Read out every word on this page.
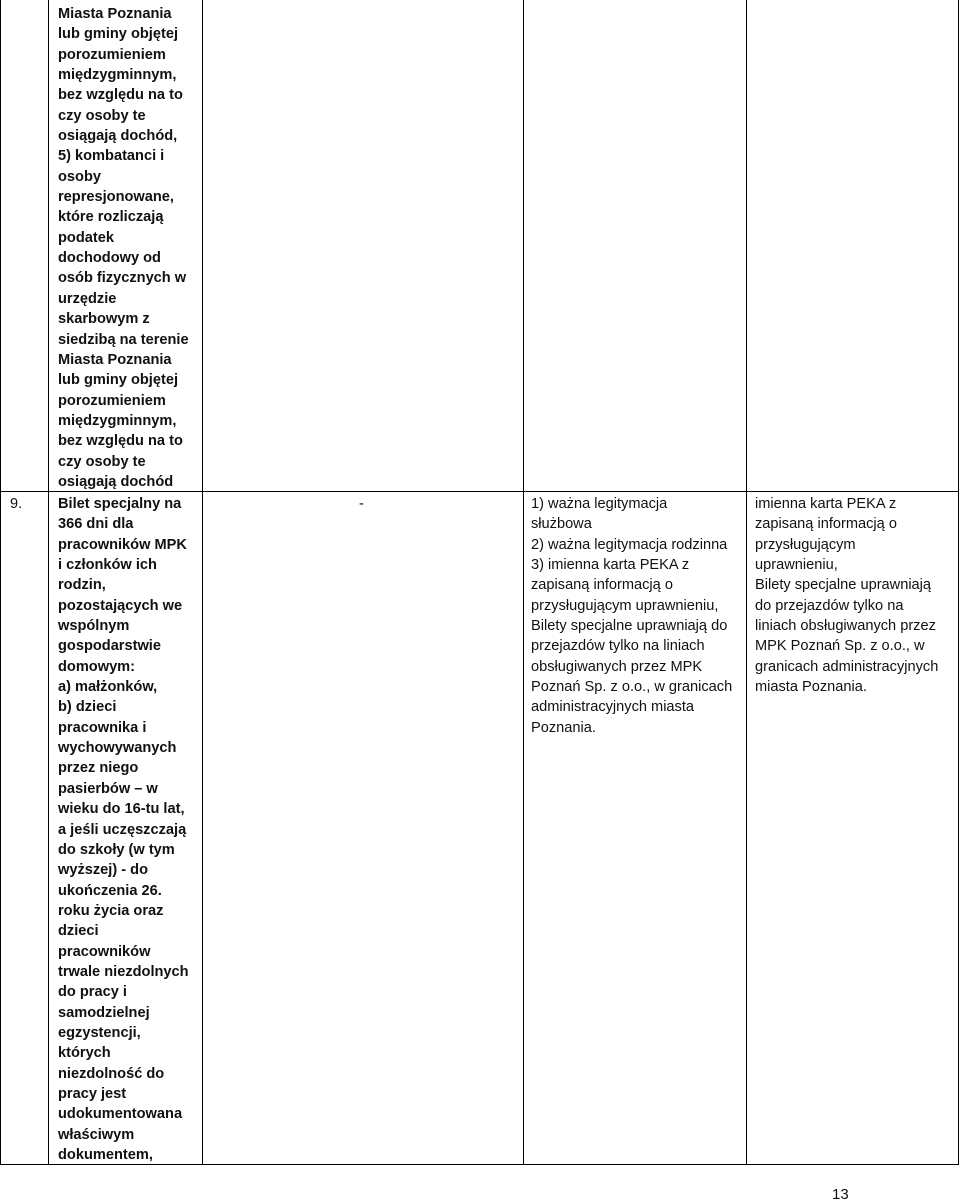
Miasta Poznania
lub gminy objętej
porozumieniem
międzygminnym,
bez względu na to
czy osoby te
osiągają dochód,
5) kombatanci i
osoby
represjonowane,
które rozliczają
podatek
dochodowy od
osób fizycznych w
urzędzie
skarbowym z
siedzibą na terenie
Miasta Poznania
lub gminy objętej
porozumieniem
międzygminnym,
bez względu na to
czy osoby te
osiągają dochód

9. Bilet specjalny na
366 dni dla
pracowników MPK
i członków ich
rodzin,
pozostających we
wspólnym
gospodarstwie
domowym:
a) małżonków,
b) dzieci
pracownika i
wychowywanych
przez niego
pasierbów – w
wieku do 16-tu lat,
a jeśli uczęszczają
do szkoły (w tym
wyższej) - do
ukończenia 26.
roku życia oraz
dzieci
pracowników
trwale niezdolnych
do pracy i
samodzielnej
egzystencji,
których
niezdolność do
pracy jest
udokumentowana
właściwym
dokumentem,

-	1) ważna legitymacja
służbowa
2) ważna legitymacja rodzinna
3) imienna karta PEKA z
zapisaną informacją o
przysługującym uprawnieniu,
Bilety specjalne uprawniają do
przejazdów tylko na liniach
obsługiwanych przez MPK
Poznań Sp. z o.o., w granicach
administracyjnych miasta
Poznania.

imienna karta PEKA z
zapisaną informacją o
przysługującym
uprawnieniu,
Bilety specjalne uprawniają
do przejazdów tylko na
liniach obsługiwanych przez
MPK Poznań Sp. z o.o., w
granicach administracyjnych
miasta Poznania.

13
